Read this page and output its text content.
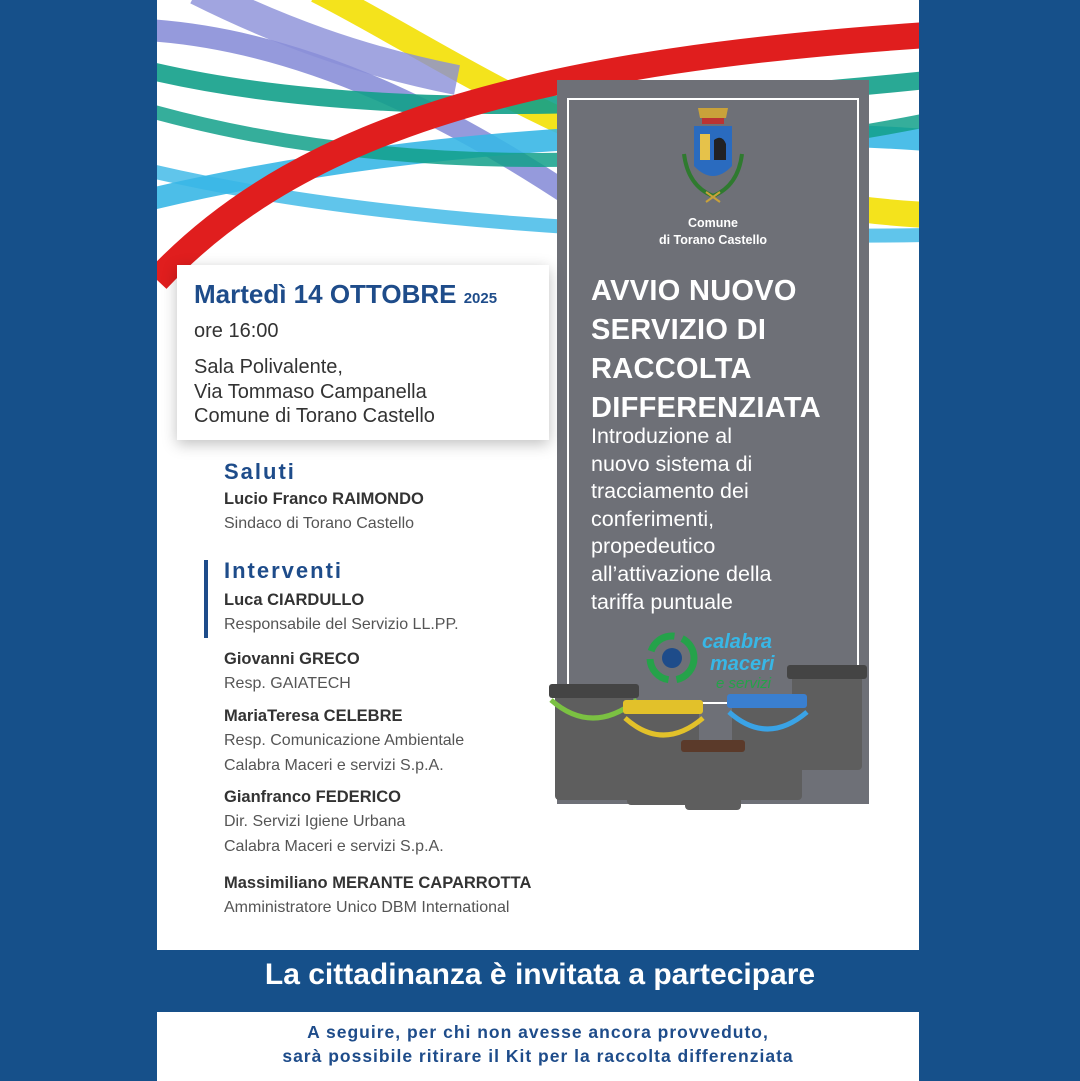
Comune
di Torano Castello
AVVIO NUOVO
SERVIZIO DI
RACCOLTA
DIFFERENZIATA
Introduzione al
nuovo sistema di
tracciamento dei
conferimenti,
propedeutico
all’attivazione della
tariffa puntuale
calabra
maceri
e servizi
Martedì 14 OTTOBRE 2025
ore 16:00
Sala Polivalente,
Via Tommaso Campanella
Comune di Torano Castello
Saluti
Lucio Franco RAIMONDO
Sindaco di Torano Castello
Interventi
Luca CIARDULLO
Responsabile del Servizio LL.PP.
Giovanni GRECO
Resp. GAIATECH
MariaTeresa CELEBRE
Resp. Comunicazione Ambientale
Calabra Maceri e servizi S.p.A.
Gianfranco FEDERICO
Dir. Servizi Igiene Urbana
Calabra Maceri e servizi S.p.A.
Massimiliano MERANTE CAPARROTTA
Amministratore Unico DBM International
La cittadinanza è invitata a partecipare
A seguire, per chi non avesse ancora provveduto,
sarà possibile ritirare il Kit per la raccolta differenziata
